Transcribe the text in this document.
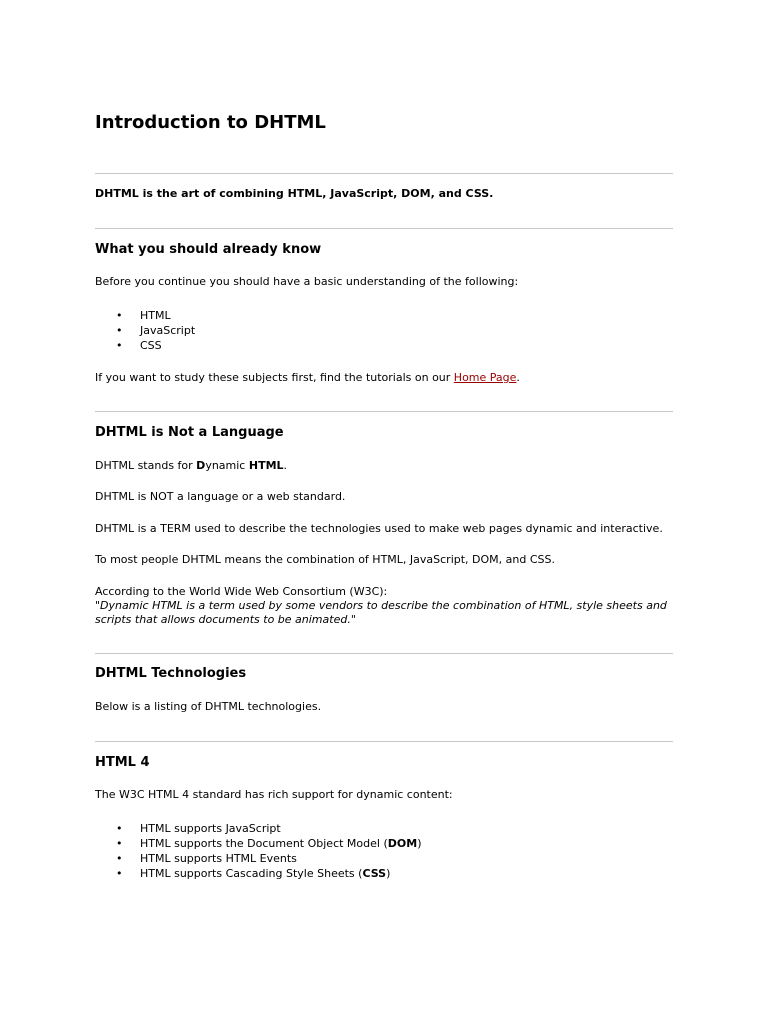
Introduction to DHTML

DHTML is the art of combining HTML, JavaScript, DOM, and CSS.

What you should already know

Before you continue you should have a basic understanding of the following:

• HTML
• JavaScript
• CSS

If you want to study these subjects first, find the tutorials on our Home Page.

DHTML is Not a Language

DHTML stands for Dynamic HTML.

DHTML is NOT a language or a web standard.

DHTML is a TERM used to describe the technologies used to make web pages dynamic and interactive.

To most people DHTML means the combination of HTML, JavaScript, DOM, and CSS.

According to the World Wide Web Consortium (W3C):

"Dynamic HTML is a term used by some vendors to describe the combination of HTML, style sheets and scripts that allows documents to be animated."

DHTML Technologies

Below is a listing of DHTML technologies.

HTML 4

The W3C HTML 4 standard has rich support for dynamic content:

• HTML supports JavaScript
• HTML supports the Document Object Model (DOM)
• HTML supports HTML Events
• HTML supports Cascading Style Sheets (CSS)
